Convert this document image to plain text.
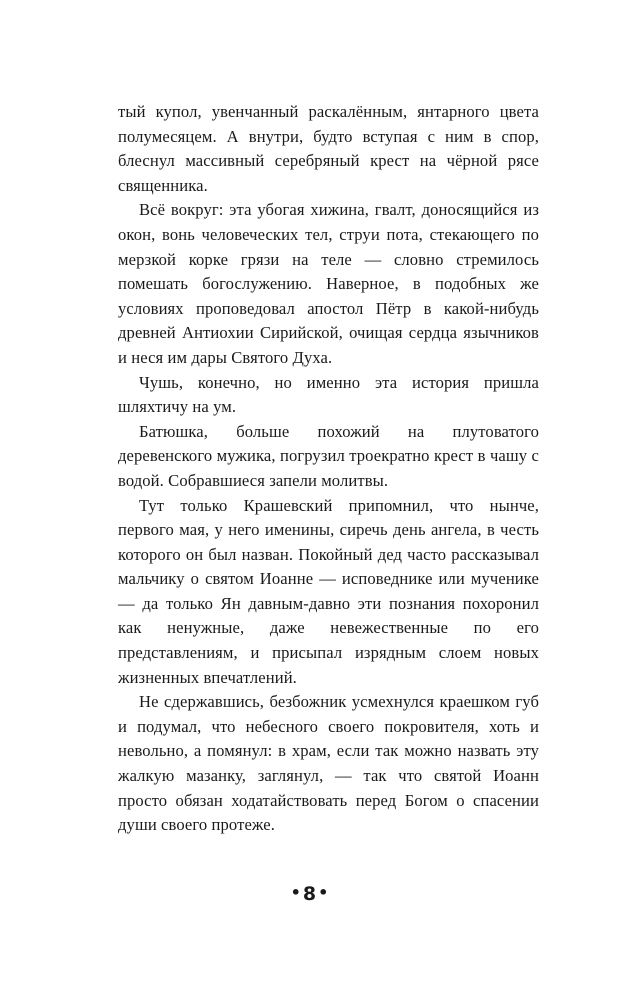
тый купол, увенчанный раскалённым, янтарного цвета полумесяцем. А внутри, будто вступая с ним в спор, блеснул массивный серебряный крест на чёрной рясе священника.

Всё вокруг: эта убогая хижина, гвалт, доносящийся из окон, вонь человеческих тел, струи пота, стекающего по мерзкой корке грязи на теле — словно стремилось помешать богослужению. Наверное, в подобных же условиях проповедовал апостол Пётр в какой-нибудь древней Антиохии Сирийской, очищая сердца язычников и неся им дары Святого Духа.

Чушь, конечно, но именно эта история пришла шляхтичу на ум.

Батюшка, больше похожий на плутоватого деревенского мужика, погрузил троекратно крест в чашу с водой. Собравшиеся запели молитвы.

Тут только Крашевский припомнил, что нынче, первого мая, у него именины, сиречь день ангела, в честь которого он был назван. Покойный дед часто рассказывал мальчику о святом Иоанне — исповеднике или мученике — да только Ян давным-давно эти познания похоронил как ненужные, даже невежественные по его представлениям, и присыпал изрядным слоем новых жизненных впечатлений.

Не сдержавшись, безбожник усмехнулся краешком губ и подумал, что небесного своего покровителя, хоть и невольно, а помянул: в храм, если так можно назвать эту жалкую мазанку, заглянул, — так что святой Иоанн просто обязан ходатайствовать перед Богом о спасении души своего протеже.

• 8 •
